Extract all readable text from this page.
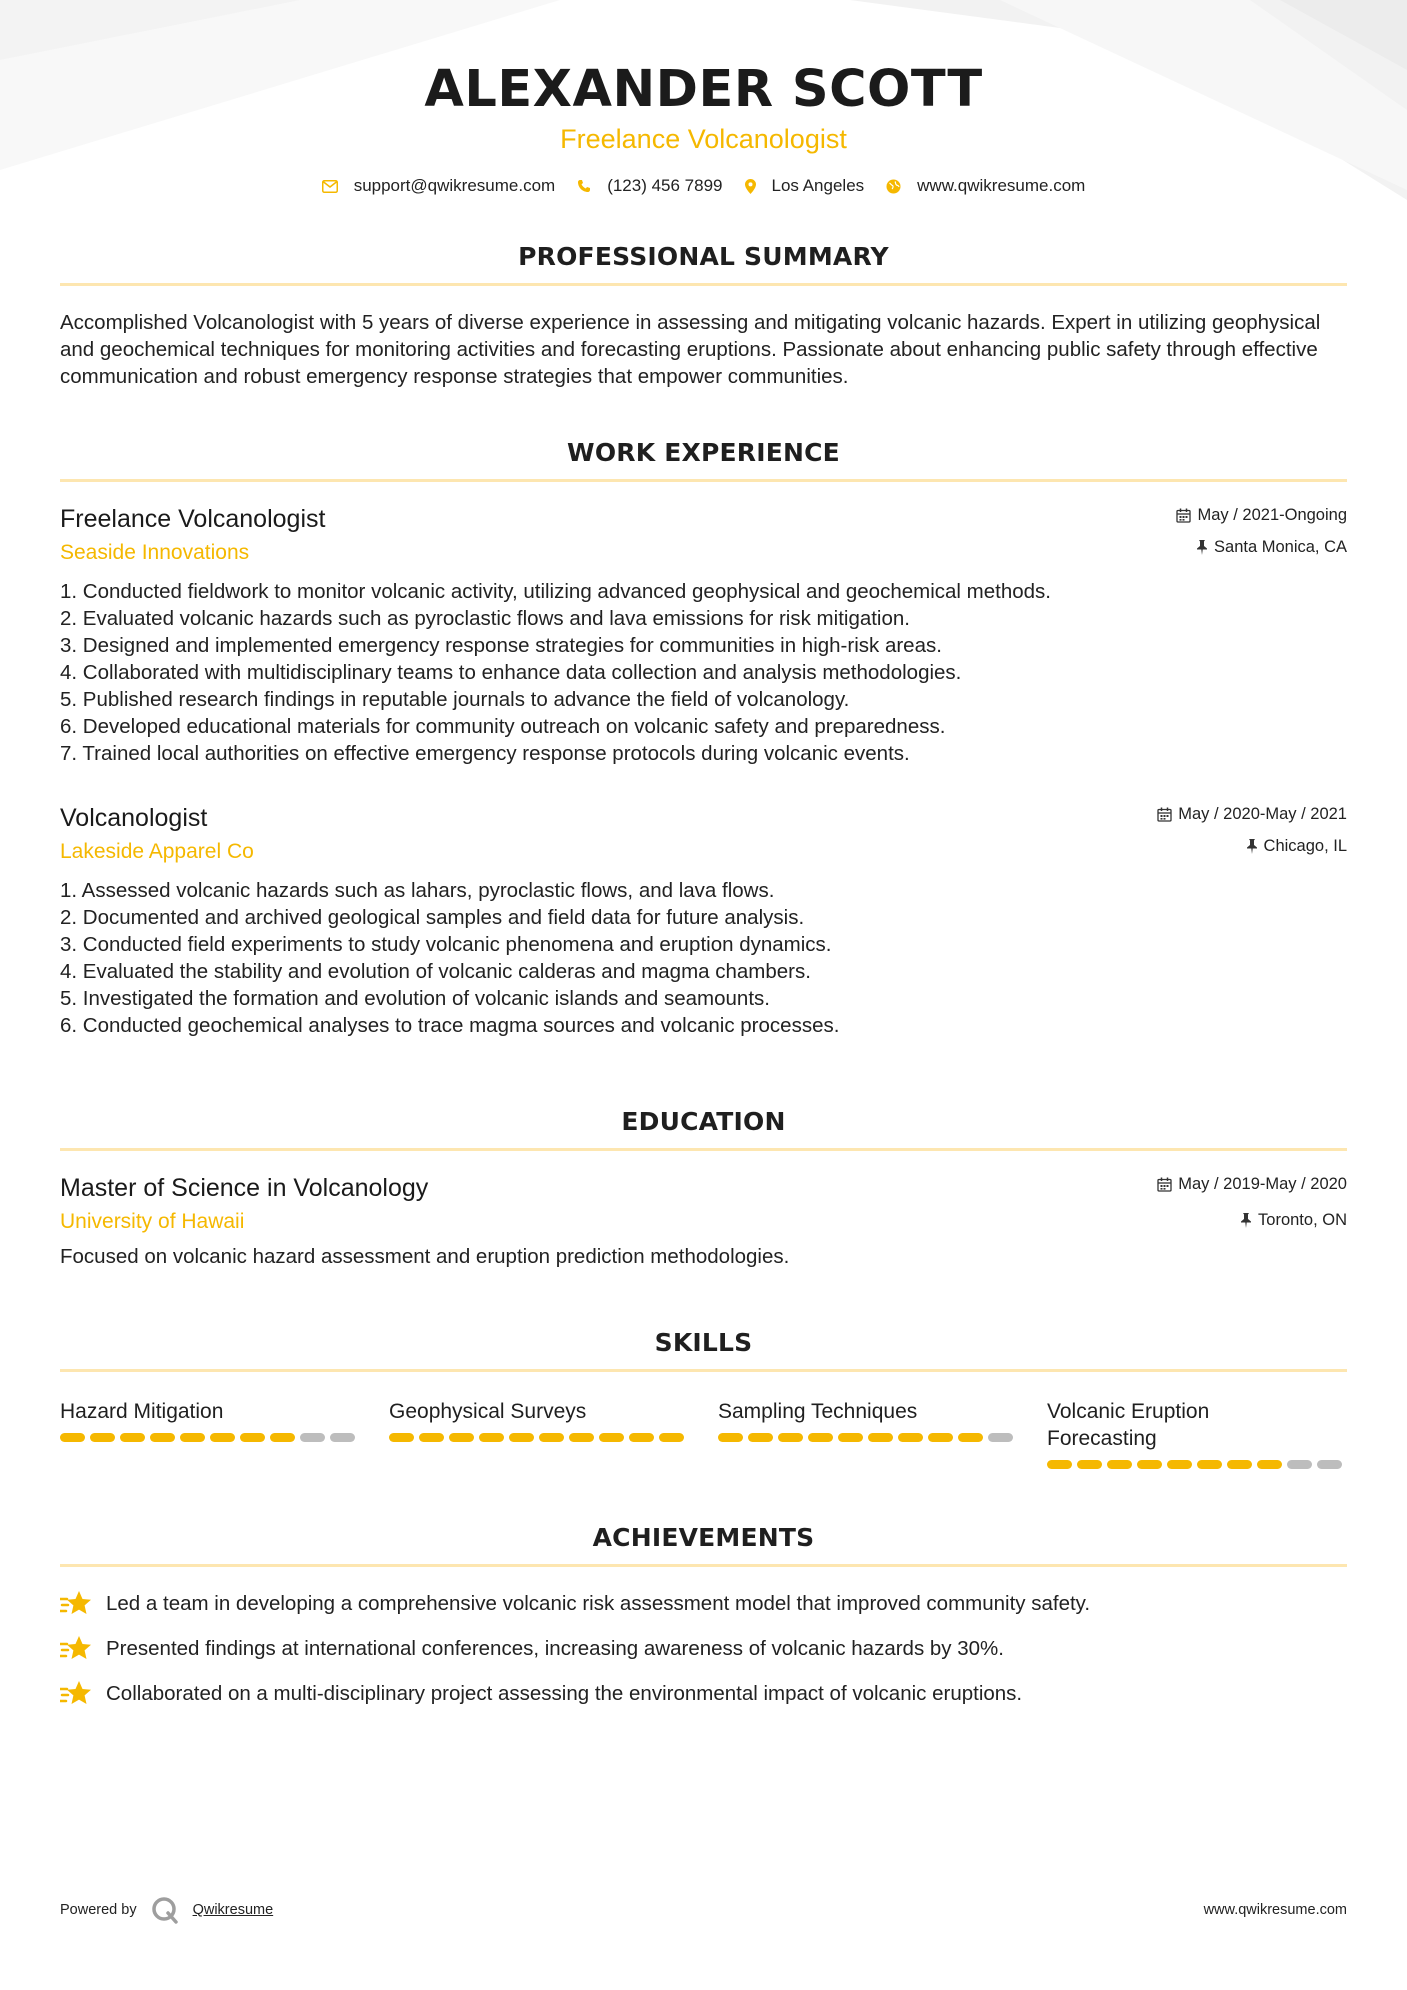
ALEXANDER SCOTT
Freelance Volcanologist
support@qwikresume.com	(123) 456 7899	Los Angeles	www.qwikresume.com
PROFESSIONAL SUMMARY

Accomplished Volcanologist with 5 years of diverse experience in assessing and mitigating volcanic hazards. Expert in utilizing geophysical and geochemical techniques for monitoring activities and forecasting eruptions. Passionate about enhancing public safety through effective communication and robust emergency response strategies that empower communities.

WORK EXPERIENCE
Freelance Volcanologist
Seaside Innovations
May / 2021-Ongoing
Santa Monica, CA
1. Conducted fieldwork to monitor volcanic activity, utilizing advanced geophysical and geochemical methods.
2. Evaluated volcanic hazards such as pyroclastic flows and lava emissions for risk mitigation.
3. Designed and implemented emergency response strategies for communities in high-risk areas.
4. Collaborated with multidisciplinary teams to enhance data collection and analysis methodologies.
5. Published research findings in reputable journals to advance the field of volcanology.
6. Developed educational materials for community outreach on volcanic safety and preparedness.
7. Trained local authorities on effective emergency response protocols during volcanic events.
Volcanologist
Lakeside Apparel Co
May / 2020-May / 2021
Chicago, IL
1. Assessed volcanic hazards such as lahars, pyroclastic flows, and lava flows.
2. Documented and archived geological samples and field data for future analysis.
3. Conducted field experiments to study volcanic phenomena and eruption dynamics.
4. Evaluated the stability and evolution of volcanic calderas and magma chambers.
5. Investigated the formation and evolution of volcanic islands and seamounts.
6. Conducted geochemical analyses to trace magma sources and volcanic processes.
EDUCATION
Master of Science in Volcanology
University of Hawaii
May / 2019-May / 2020
Toronto, ON

Focused on volcanic hazard assessment and eruption prediction methodologies.

SKILLS
Hazard Mitigation	Geophysical Surveys	Sampling Techniques	Volcanic Eruption Forecasting
ACHIEVEMENTS
Led a team in developing a comprehensive volcanic risk assessment model that improved community safety.
Presented findings at international conferences, increasing awareness of volcanic hazards by 30%.
Collaborated on a multi-disciplinary project assessing the environmental impact of volcanic eruptions.
Powered by	Qwikresume	www.qwikresume.com
